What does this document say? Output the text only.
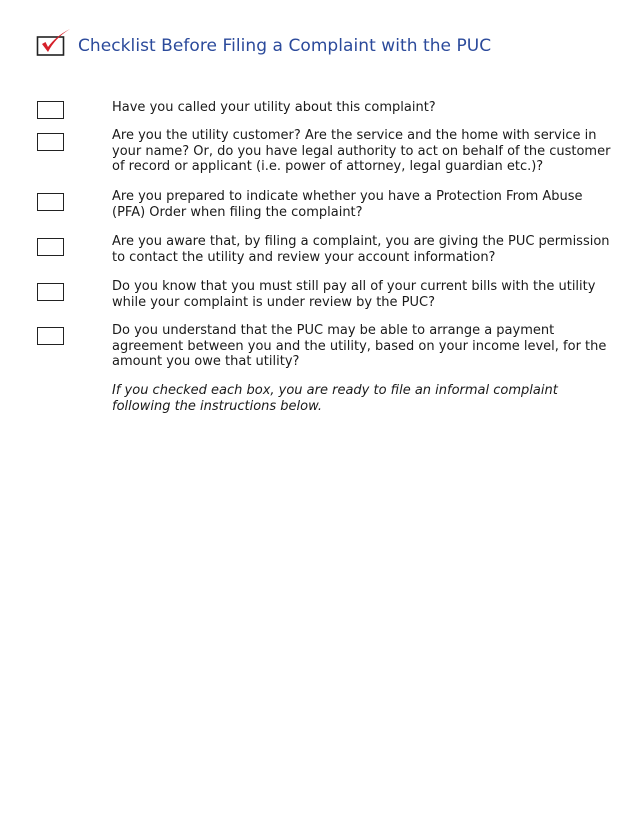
Checklist Before Filing a Complaint with the PUC
Have you called your utility about this complaint?
Are you the utility customer? Are the service and the home with service in your name? Or, do you have legal authority to act on behalf of the customer of record or applicant (i.e. power of attorney, legal guardian etc.)?
Are you prepared to indicate whether you have a Protection From Abuse (PFA) Order when filing the complaint?
Are you aware that, by filing a complaint, you are giving the PUC permission to contact the utility and review your account information?
Do you know that you must still pay all of your current bills with the utility while your complaint is under review by the PUC?
Do you understand that the PUC may be able to arrange a payment agreement between you and the utility, based on your income level, for the amount you owe that utility?
If you checked each box, you are ready to file an informal complaint following the instructions below.
